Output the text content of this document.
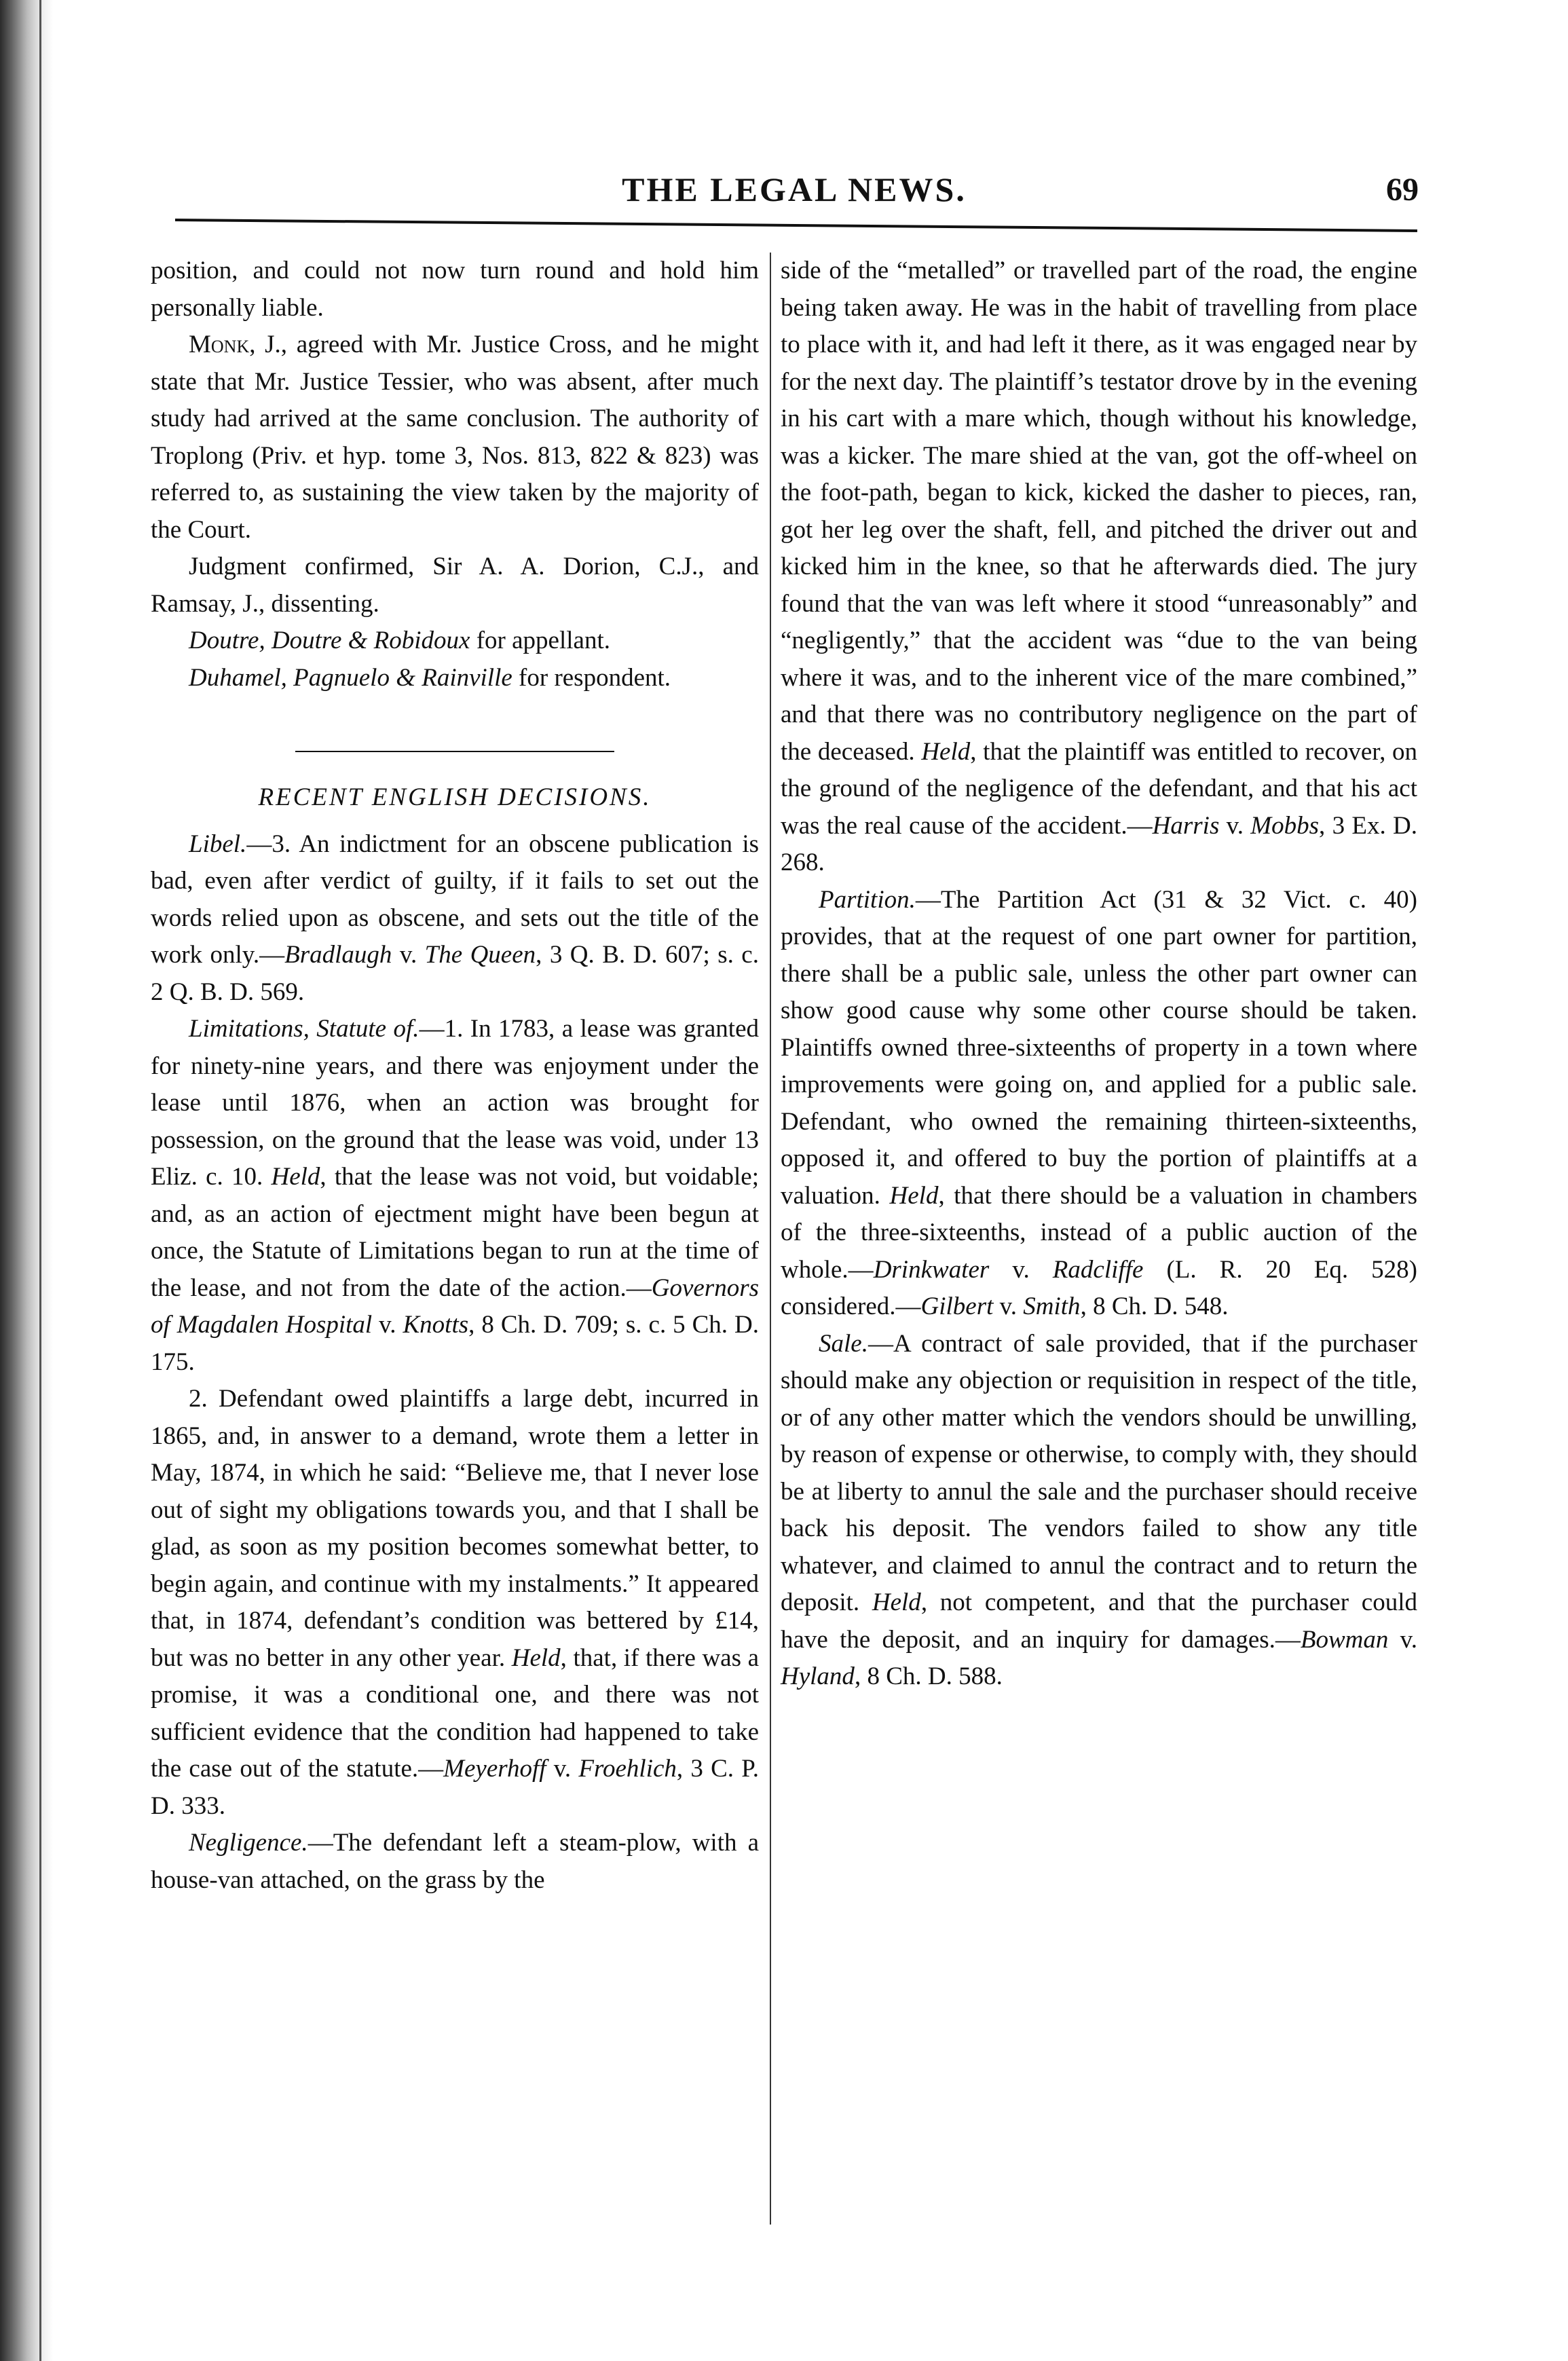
THE LEGAL NEWS.	69

position, and could not now turn round and hold him personally liable.

Monk, J., agreed with Mr. Justice Cross, and he might state that Mr. Justice Tessier, who was absent, after much study had arrived at the same conclusion. The authority of Troplong (Priv. et hyp. tome 3, Nos. 813, 822 & 823) was referred to, as sustaining the view taken by the majority of the Court.

Judgment confirmed, Sir A. A. Dorion, C.J., and Ramsay, J., dissenting.

Doutre, Doutre & Robidoux for appellant.

Duhamel, Pagnuelo & Rainville for respondent.

RECENT ENGLISH DECISIONS.

Libel.—3. An indictment for an obscene publication is bad, even after verdict of guilty, if it fails to set out the words relied upon as obscene, and sets out the title of the work only.—Bradlaugh v. The Queen, 3 Q. B. D. 607; s. c. 2 Q. B. D. 569.

Limitations, Statute of.—1. In 1783, a lease was granted for ninety-nine years, and there was enjoyment under the lease until 1876, when an action was brought for possession, on the ground that the lease was void, under 13 Eliz. c. 10. Held, that the lease was not void, but voidable; and, as an action of ejectment might have been begun at once, the Statute of Limitations began to run at the time of the lease, and not from the date of the action.—Governors of Magdalen Hospital v. Knotts, 8 Ch. D. 709; s. c. 5 Ch. D. 175.

2. Defendant owed plaintiffs a large debt, incurred in 1865, and, in answer to a demand, wrote them a letter in May, 1874, in which he said: “Believe me, that I never lose out of sight my obligations towards you, and that I shall be glad, as soon as my position becomes somewhat better, to begin again, and continue with my instalments.” It appeared that, in 1874, defendant’s condition was bettered by £14, but was no better in any other year. Held, that, if there was a promise, it was a conditional one, and there was not sufficient evidence that the condition had happened to take the case out of the statute.—Meyerhoff v. Froehlich, 3 C. P. D. 333.

Negligence.—The defendant left a steam-plow, with a house-van attached, on the grass by the

side of the “metalled” or travelled part of the road, the engine being taken away. He was in the habit of travelling from place to place with it, and had left it there, as it was engaged near by for the next day. The plaintiff’s testator drove by in the evening in his cart with a mare which, though without his knowledge, was a kicker. The mare shied at the van, got the off-wheel on the foot-path, began to kick, kicked the dasher to pieces, ran, got her leg over the shaft, fell, and pitched the driver out and kicked him in the knee, so that he afterwards died. The jury found that the van was left where it stood “unreasonably” and “negligently,” that the accident was “due to the van being where it was, and to the inherent vice of the mare combined,” and that there was no contributory negligence on the part of the deceased. Held, that the plaintiff was entitled to recover, on the ground of the negligence of the defendant, and that his act was the real cause of the accident.—Harris v. Mobbs, 3 Ex. D. 268.

Partition.—The Partition Act (31 & 32 Vict. c. 40) provides, that at the request of one part owner for partition, there shall be a public sale, unless the other part owner can show good cause why some other course should be taken. Plaintiffs owned three-sixteenths of property in a town where improvements were going on, and applied for a public sale. Defendant, who owned the remaining thirteen-sixteenths, opposed it, and offered to buy the portion of plaintiffs at a valuation. Held, that there should be a valuation in chambers of the three-sixteenths, instead of a public auction of the whole.—Drinkwater v. Radcliffe (L. R. 20 Eq. 528) considered.—Gilbert v. Smith, 8 Ch. D. 548.

Sale.—A contract of sale provided, that if the purchaser should make any objection or requisition in respect of the title, or of any other matter which the vendors should be unwilling, by reason of expense or otherwise, to comply with, they should be at liberty to annul the sale and the purchaser should receive back his deposit. The vendors failed to show any title whatever, and claimed to annul the contract and to return the deposit. Held, not competent, and that the purchaser could have the deposit, and an inquiry for damages.—Bowman v. Hyland, 8 Ch. D. 588.
